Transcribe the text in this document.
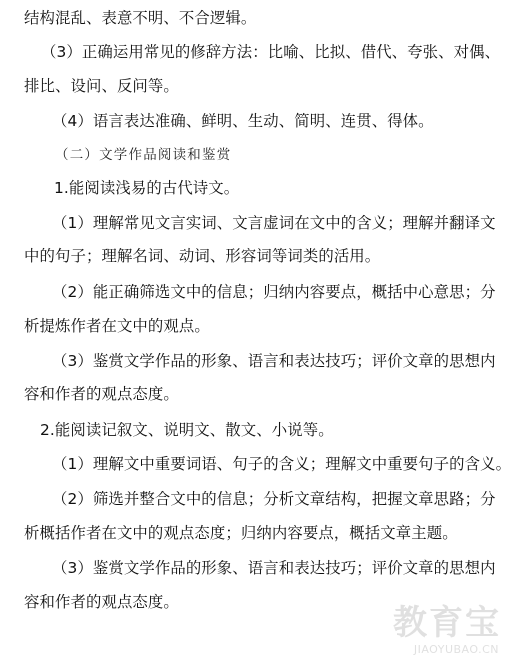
结构混乱、表意不明、不合逻辑。
（3）正确运用常见的修辞方法：比喻、比拟、借代、夸张、对偶、
排比、设问、反问等。
（4）语言表达准确、鲜明、生动、简明、连贯、得体。
（二）文学作品阅读和鉴赏
1.能阅读浅易的古代诗文。
（1）理解常见文言实词、文言虚词在文中的含义；理解并翻译文
中的句子；理解名词、动词、形容词等词类的活用。
（2）能正确筛选文中的信息；归纳内容要点，概括中心意思；分
析提炼作者在文中的观点。
（3）鉴赏文学作品的形象、语言和表达技巧；评价文章的思想内
容和作者的观点态度。
2.能阅读记叙文、说明文、散文、小说等。
（1）理解文中重要词语、句子的含义；理解文中重要句子的含义。
（2）筛选并整合文中的信息；分析文章结构，把握文章思路；分
析概括作者在文中的观点态度；归纳内容要点，概括文章主题。
（3）鉴赏文学作品的形象、语言和表达技巧；评价文章的思想内
容和作者的观点态度。
教育宝
JIAOYUBAO.CN
